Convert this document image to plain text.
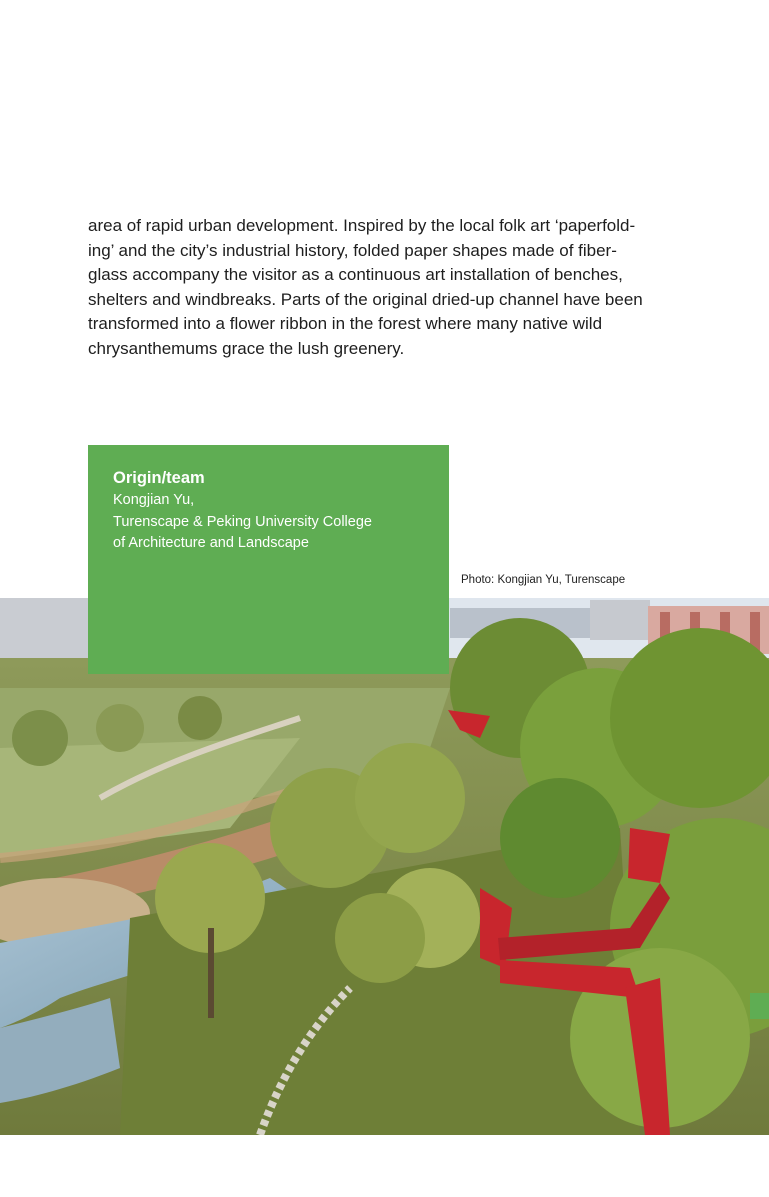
area of rapid urban development. Inspired by the local folk art ‘paperfold-
ing’ and the city’s industrial history, folded paper shapes made of fiber-
glass accompany the visitor as a continuous art installation of benches,
shelters and windbreaks. Parts of the original dried-up channel have been
transformed into a flower ribbon in the forest where many native wild
chrysanthemums grace the lush greenery.

Origin/team
Kongjian Yu,
Turenscape & Peking University College
of Architecture and Landscape
Photo: Kongjian Yu, Turenscape
